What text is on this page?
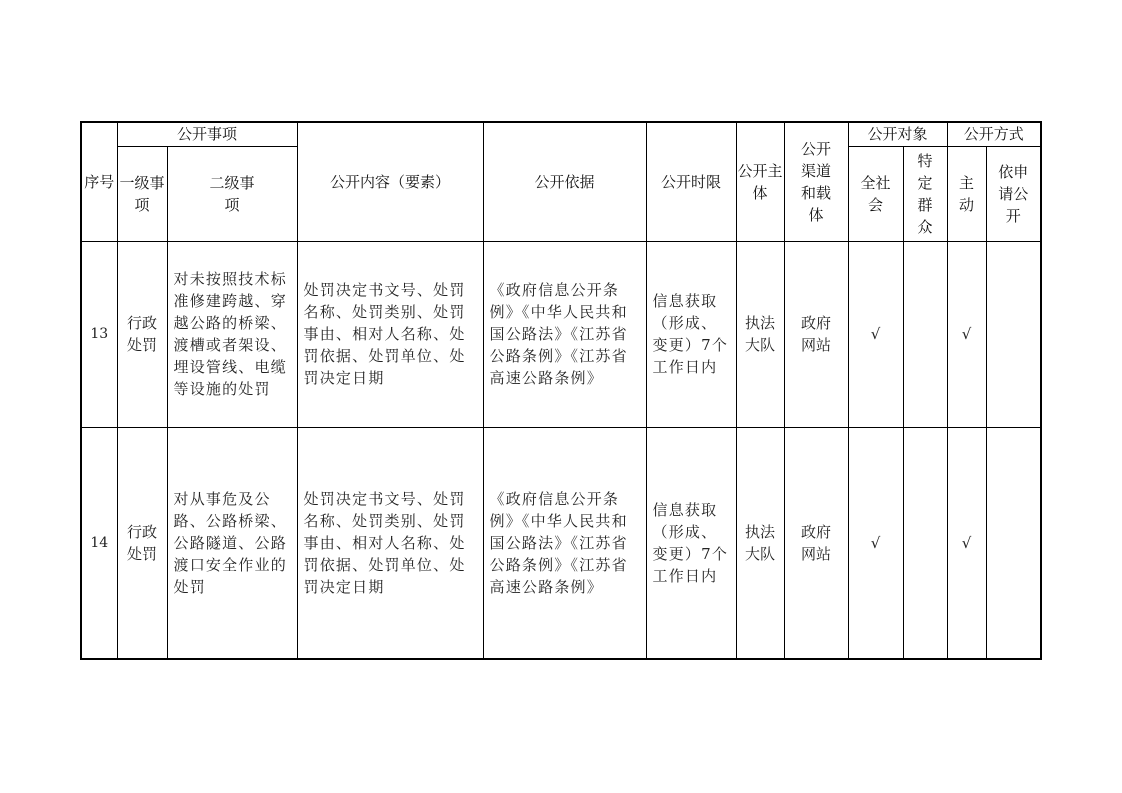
序号	公开事项		公开内容（要素）	公开依据	公开时限	公开主体	公开渠道和载体	公开对象		公开方式	
	一级事项	二级事项						全社会	特定群众	主动	依申请公开
13	行政处罚	对未按照技术标准修建跨越、穿越公路的桥梁、渡槽或者架设、埋设管线、电缆等设施的处罚	处罚决定书文号、处罚名称、处罚类别、处罚事由、相对人名称、处罚依据、处罚单位、处罚决定日期	《政府信息公开条例》《中华人民共和国公路法》《江苏省公路条例》《江苏省高速公路条例》	信息获取（形成、变更）7个工作日内	执法大队	政府网站	√		√	
14	行政处罚	对从事危及公路、公路桥梁、公路隧道、公路渡口安全作业的处罚	处罚决定书文号、处罚名称、处罚类别、处罚事由、相对人名称、处罚依据、处罚单位、处罚决定日期	《政府信息公开条例》《中华人民共和国公路法》《江苏省公路条例》《江苏省高速公路条例》	信息获取（形成、变更）7个工作日内	执法大队	政府网站	√		√	
